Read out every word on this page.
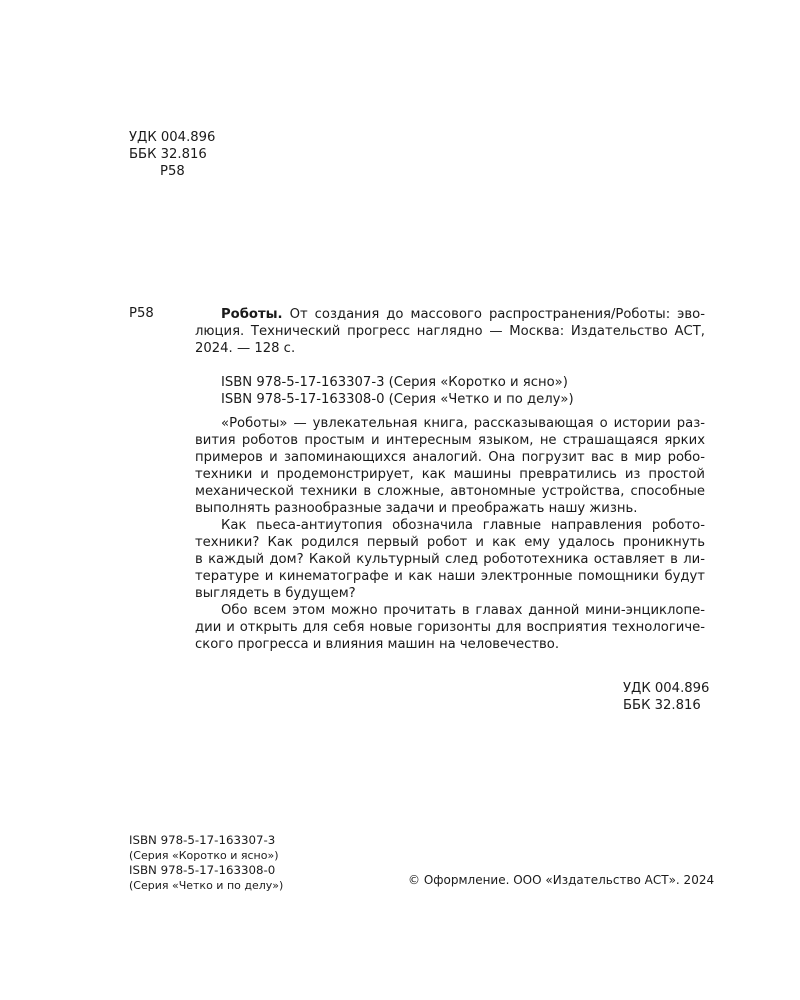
УДК 004.896
ББК 32.816
Р58
Р58	Роботы. От создания до массового распространения/Роботы: эво-
люция. Технический прогресс наглядно — Москва: Издательство АСТ,
2024. — 128 с.
ISBN 978-5-17-163307-3 (Серия «Коротко и ясно»)
ISBN 978-5-17-163308-0 (Серия «Четко и по делу»)
«Роботы» — увлекательная книга, рассказывающая о истории раз-
вития роботов простым и интересным языком, не страшащаяся ярких
примеров и запоминающихся аналогий. Она погрузит вас в мир робо-
техники и продемонстрирует, как машины превратились из простой
механической техники в сложные, автономные устройства, способные
выполнять разнообразные задачи и преображать нашу жизнь.
Как пьеса-антиутопия обозначила главные направления робото-
техники? Как родился первый робот и как ему удалось проникнуть
в каждый дом? Какой культурный след робототехника оставляет в ли-
тературе и кинематографе и как наши электронные помощники будут
выглядеть в будущем?
Обо всем этом можно прочитать в главах данной мини-энциклопе-
дии и открыть для себя новые горизонты для восприятия технологиче-
ского прогресса и влияния машин на человечество.
УДК 004.896
ББК 32.816
ISBN 978-5-17-163307-3
(Серия «Коротко и ясно»)
ISBN 978-5-17-163308-0
(Серия «Четко и по делу»)	© Оформление. ООО «Издательство АСТ». 2024
